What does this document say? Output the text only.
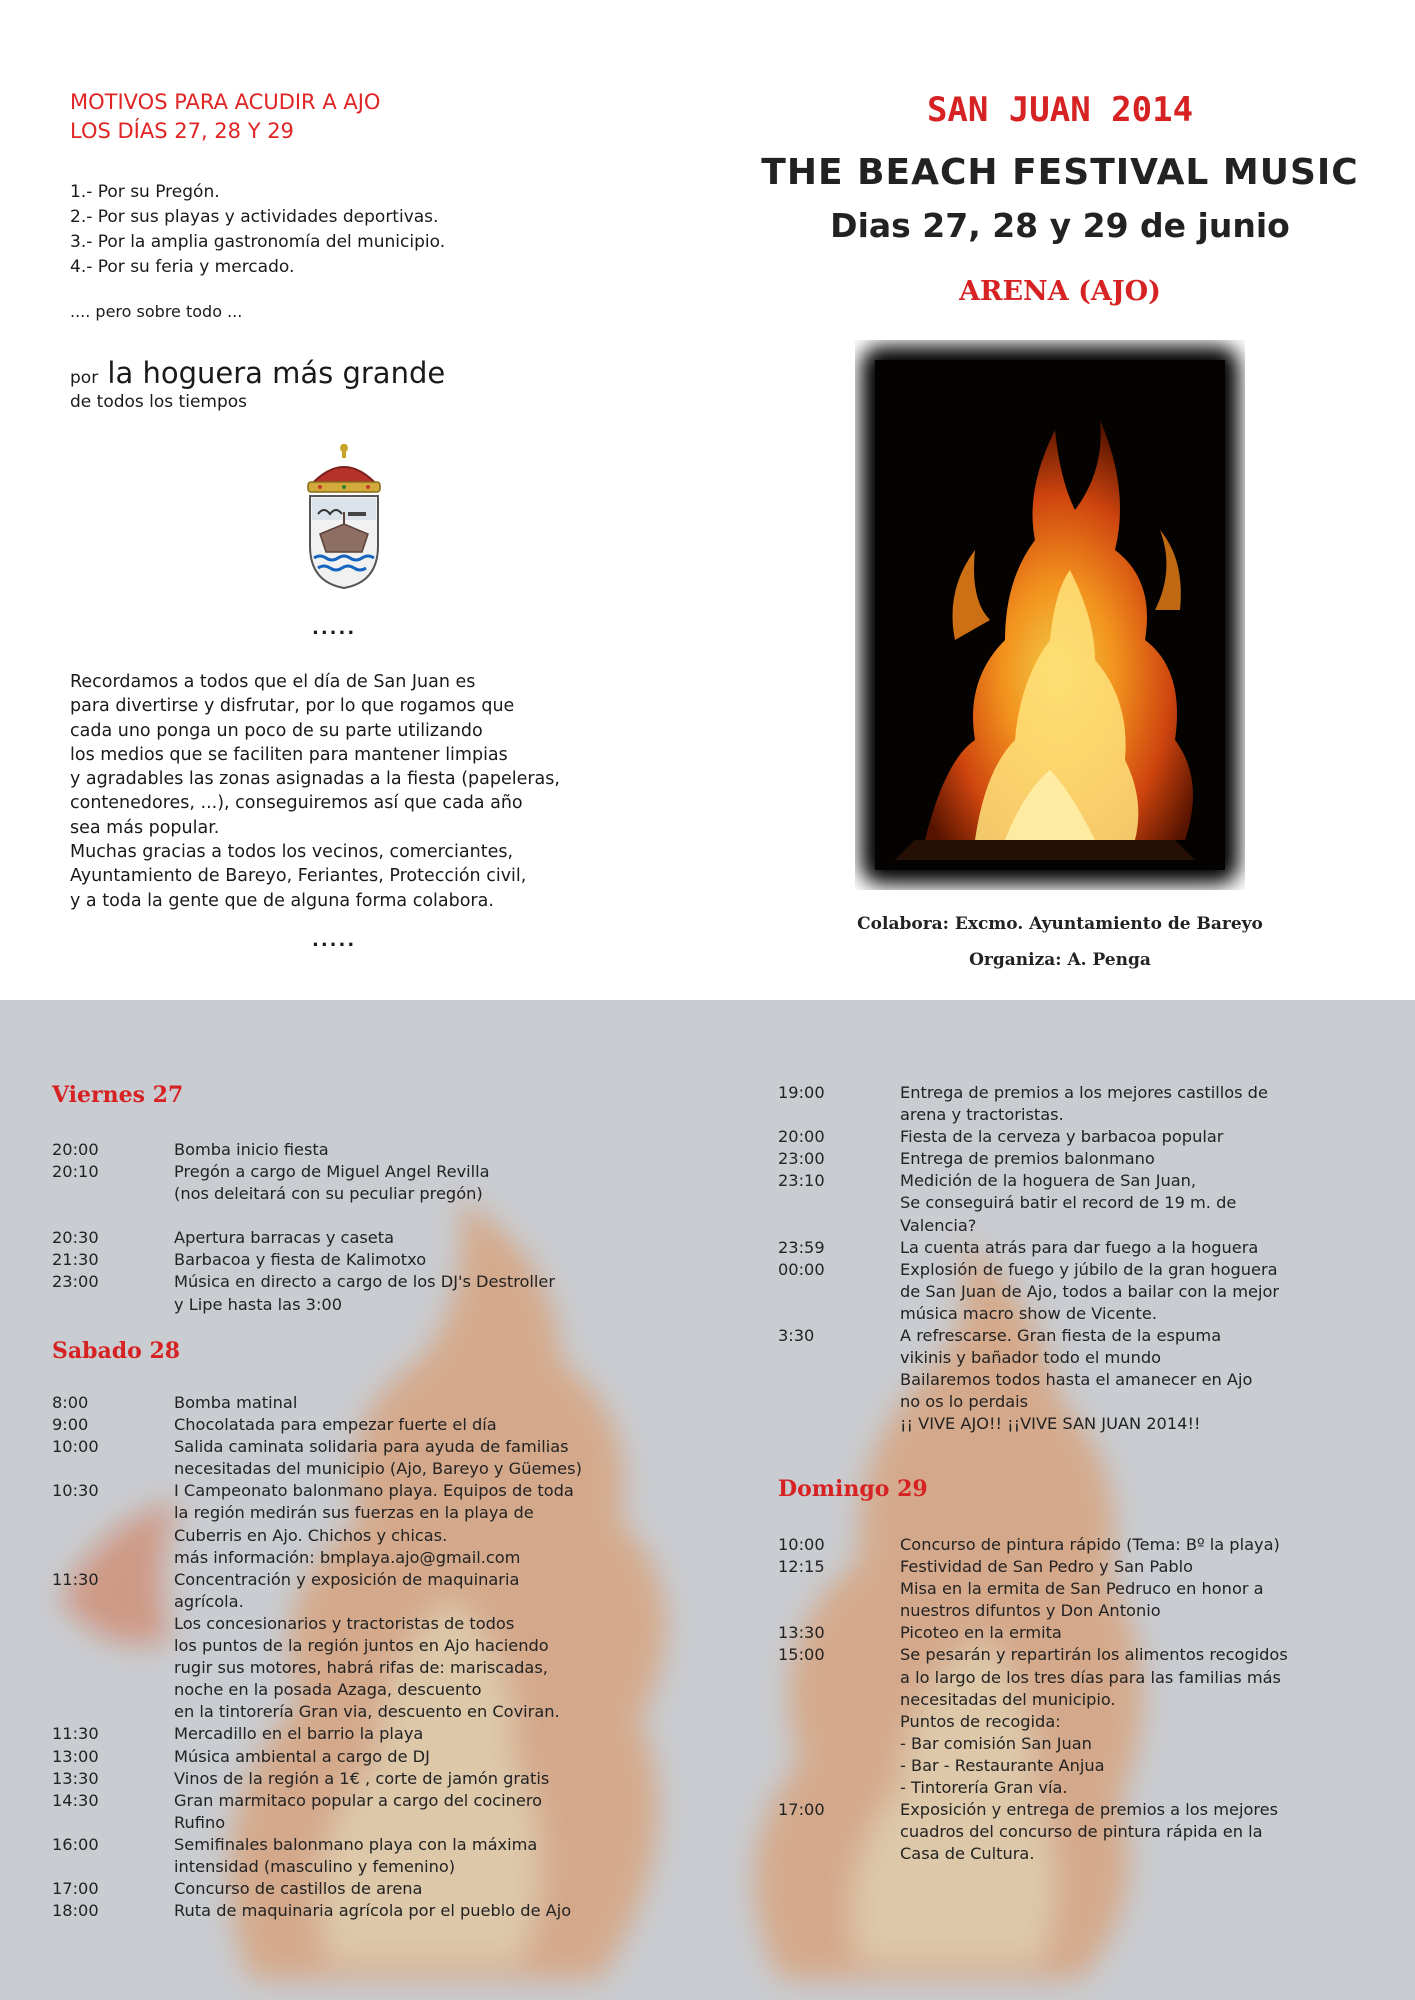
MOTIVOS PARA ACUDIR A AJO
LOS DÍAS 27, 28 Y 29
1.- Por su Pregón.
2.- Por sus playas y actividades deportivas.
3.- Por la amplia gastronomía del municipio.
4.- Por su feria y mercado.
.... pero sobre todo ...
por la hoguera más grande
de todos los tiempos
.....
Recordamos a todos que el día de San Juan es
para divertirse y disfrutar, por lo que rogamos que
cada uno ponga un poco de su parte utilizando
los medios que se faciliten para mantener limpias
y agradables las zonas asignadas a la fiesta (papeleras,
contenedores, ...), conseguiremos así que cada año
sea más popular.
Muchas gracias a todos los vecinos, comerciantes,
Ayuntamiento de Bareyo, Feriantes, Protección civil,
y a toda la gente que de alguna forma colabora.
.....
SAN JUAN 2014
THE BEACH FESTIVAL MUSIC
Dias 27, 28 y 29 de junio
ARENA (AJO)
Colabora: Excmo. Ayuntamiento de Bareyo
Organiza: A. Penga
Viernes 27
20:00	Bomba inicio fiesta
20:10	Pregón a cargo de Miguel Angel Revilla
(nos deleitará con su peculiar pregón)
20:30	Apertura barracas y caseta
21:30	Barbacoa y fiesta de Kalimotxo
23:00	Música en directo a cargo de los DJ's Destroller
y Lipe hasta las 3:00
Sabado 28
8:00	Bomba matinal
9:00	Chocolatada para empezar fuerte el día
10:00	Salida caminata solidaria para ayuda de familias
necesitadas del municipio (Ajo, Bareyo y Güemes)
10:30	I Campeonato balonmano playa. Equipos de toda
la región medirán sus fuerzas en la playa de
Cuberris en Ajo. Chichos y chicas.
más información: bmplaya.ajo@gmail.com
11:30	Concentración y exposición de maquinaria
agrícola.
Los concesionarios y tractoristas de todos
los puntos de la región juntos en Ajo haciendo
rugir sus motores, habrá rifas de: mariscadas,
noche en la posada Azaga, descuento
en la tintorería Gran via, descuento en Coviran.
11:30	Mercadillo en el barrio la playa
13:00	Música ambiental a cargo de DJ
13:30	Vinos de la región a 1€ , corte de jamón gratis
14:30	Gran marmitaco popular a cargo del cocinero
Rufino
16:00	Semifinales balonmano playa con la máxima
intensidad (masculino y femenino)
17:00	Concurso de castillos de arena
18:00	Ruta de maquinaria agrícola por el pueblo de Ajo
19:00	Entrega de premios a los mejores castillos de
arena y tractoristas.
20:00	Fiesta de la cerveza y barbacoa popular
23:00	Entrega de premios balonmano
23:10	Medición de la hoguera de San Juan,
Se conseguirá batir el record de 19 m. de
Valencia?
23:59	La cuenta atrás para dar fuego a la hoguera
00:00	Explosión de fuego y júbilo de la gran hoguera
de San Juan de Ajo, todos a bailar con la mejor
música macro show de Vicente.
3:30	A refrescarse. Gran fiesta de la espuma
vikinis y bañador todo el mundo
Bailaremos todos hasta el amanecer en Ajo
no os lo perdais
¡¡ VIVE AJO!! ¡¡VIVE SAN JUAN 2014!!
Domingo 29
10:00	Concurso de pintura rápido (Tema: Bº la playa)
12:15	Festividad de San Pedro y San Pablo
Misa en la ermita de San Pedruco en honor a
nuestros difuntos y Don Antonio
13:30	Picoteo en la ermita
15:00	Se pesarán y repartirán los alimentos recogidos
a lo largo de los tres días para las familias más
necesitadas del municipio.
Puntos de recogida:
- Bar comisión San Juan
- Bar - Restaurante Anjua
- Tintorería Gran vía.
17:00	Exposición y entrega de premios a los mejores
cuadros del concurso de pintura rápida en la
Casa de Cultura.
